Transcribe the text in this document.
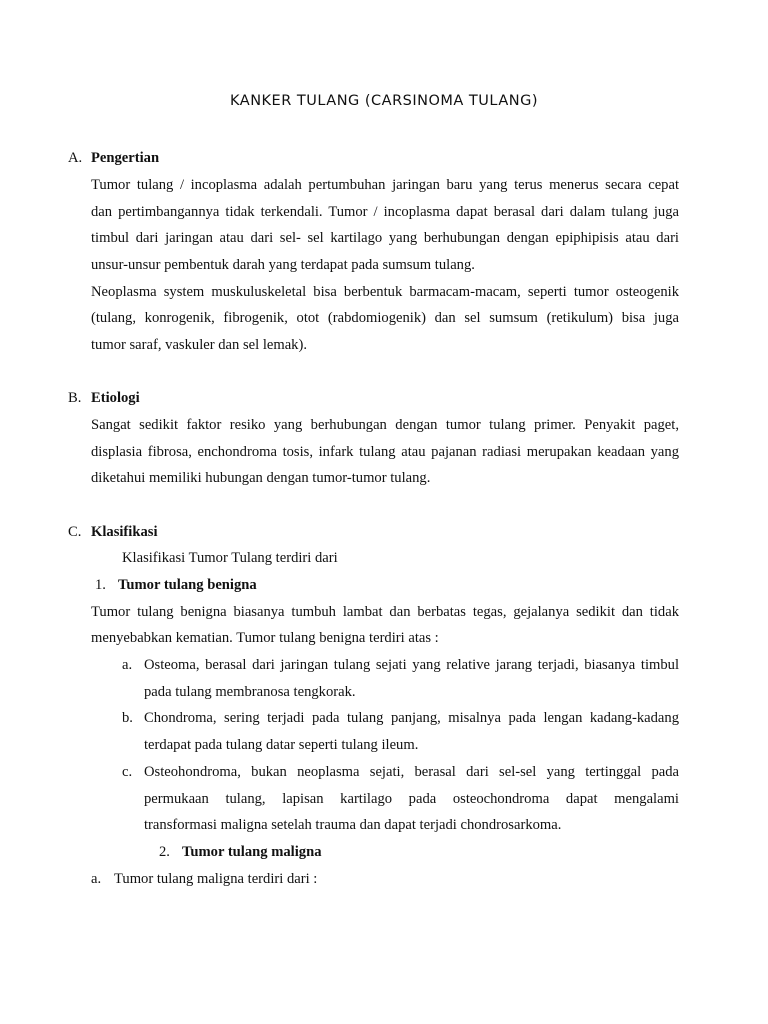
KANKER TULANG (CARSINOMA TULANG)
A. Pengertian
Tumor tulang / incoplasma adalah pertumbuhan jaringan baru yang terus menerus secara cepat
dan pertimbangannya tidak terkendali. Tumor / incoplasma dapat berasal dari dalam tulang juga
timbul dari jaringan atau dari sel- sel kartilago yang berhubungan dengan epiphipisis atau dari
unsur-unsur pembentuk darah yang terdapat pada sumsum tulang.
Neoplasma system muskuluskeletal bisa berbentuk barmacam-macam, seperti tumor osteogenik
(tulang, konrogenik, fibrogenik, otot (rabdomiogenik) dan sel sumsum (retikulum) bisa juga
tumor saraf, vaskuler dan sel lemak).
B. Etiologi
Sangat sedikit faktor resiko yang berhubungan dengan tumor tulang primer. Penyakit paget,
displasia fibrosa, enchondroma tosis, infark tulang atau pajanan radiasi merupakan keadaan yang
diketahui memiliki hubungan dengan tumor-tumor tulang.
C. Klasifikasi
Klasifikasi Tumor Tulang terdiri dari
1. Tumor tulang benigna
Tumor tulang benigna biasanya tumbuh lambat dan berbatas tegas, gejalanya sedikit dan tidak
menyebabkan kematian. Tumor tulang benigna terdiri atas :
a. Osteoma, berasal dari jaringan tulang sejati yang relative jarang terjadi, biasanya timbul
pada tulang membranosa tengkorak.
b. Chondroma, sering terjadi pada tulang panjang, misalnya pada lengan kadang-kadang
terdapat pada tulang datar seperti tulang ileum.
c. Osteohondroma, bukan neoplasma sejati, berasal dari sel-sel yang tertinggal pada
permukaan tulang, lapisan kartilago pada osteochondroma dapat mengalami
transformasi maligna setelah trauma dan dapat terjadi chondrosarkoma.
2. Tumor tulang maligna
a. Tumor tulang maligna terdiri dari :
